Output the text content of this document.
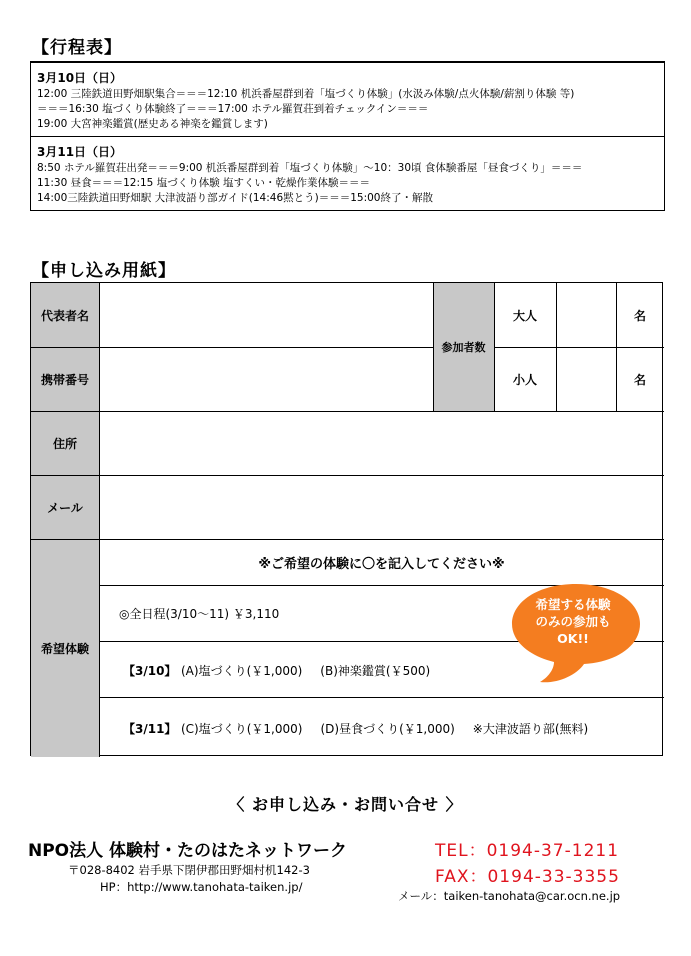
【行程表】
3月10日（日）
12:00 三陸鉄道田野畑駅集合＝＝＝12:10 机浜番屋群到着「塩づくり体験」(水汲み体験/点火体験/薪割り体験 等)
＝＝＝16:30 塩づくり体験終了＝＝＝17:00 ホテル羅賀荘到着チェックイン＝＝＝
19:00 大宮神楽鑑賞(歴史ある神楽を鑑賞します)
3月11日（日）
8:50 ホテル羅賀荘出発＝＝＝9:00 机浜番屋群到着「塩づくり体験」～10：30頃 食体験番屋「昼食づくり」＝＝＝
11:30 昼食＝＝＝12:15 塩づくり体験 塩すくい・乾燥作業体験＝＝＝
14:00三陸鉄道田野畑駅 大津波語り部ガイド(14:46黙とう)＝＝＝15:00終了・解散
【申し込み用紙】
代表者名
携帯番号
住所
メール
希望体験
参加者数
大人	名
小人	名
※ご希望の体験に〇を記入してください※
◎全日程(3/10～11) ￥3,110
【3/10】 (A)塩づくり(￥1,000) (B)神楽鑑賞(￥500)
【3/11】 (C)塩づくり(￥1,000) (D)昼食づくり(￥1,000) ※大津波語り部(無料)
希望する体験
のみの参加も
OK!!
〈 お申し込み・お問い合せ 〉
NPO法人 体験村・たのはたネットワーク
〒028-8402 岩手県下閉伊郡田野畑村机142-3
HP：http://www.tanohata-taiken.jp/
TEL：0194-37-1211
FAX：0194-33-3355
メール：taiken-tanohata@car.ocn.ne.jp
